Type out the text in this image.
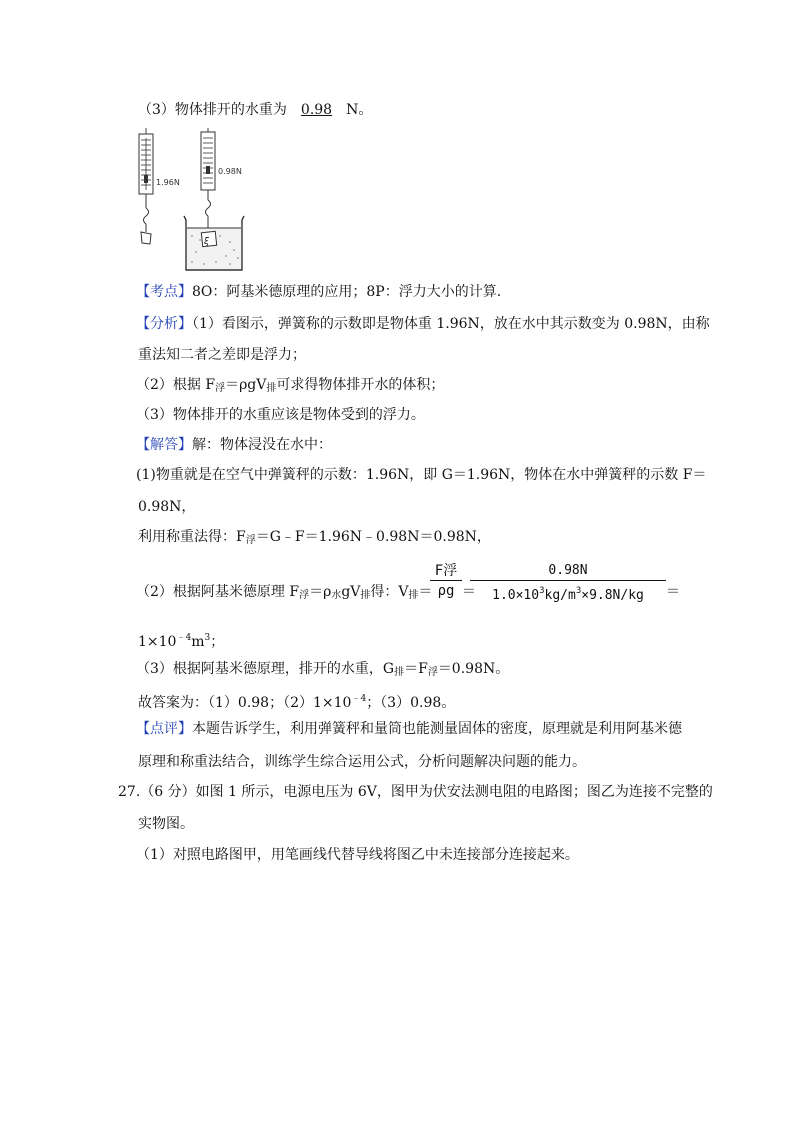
（3）物体排开的水重为 0.98 N。
1.96N
0.98N
ξ
【考点】8O：阿基米德原理的应用；8P：浮力大小的计算.
【分析】（1）看图示，弹簧称的示数即是物体重 1.96N，放在水中其示数变为 0.98N，由称
重法知二者之差即是浮力；
（2）根据 $F_浮=\rho gV_排$可求得物体排开水的体积；
（3）物体排开的水重应该是物体受到的浮力。
【解答】解：物体浸没在水中：
(1)物重就是在空气中弹簧秤的示数：1.96N，即 G＝1.96N，物体在水中弹簧秤的示数 F＝
0.98N，
利用称重法得：$F_浮=G﹣F=1.96N﹣0.98N=0.98N$，
（2）根据阿基米德原理 $F_浮=\rho_水gV_排$得：$V_排=$
F浮
ρg ＝
$\frac{0.98N}{1.0\times 10^3kg/m^3\times 9.8N/kg}$ ＝
$1\times 10^{﹣4}m^3$；
（3）根据阿基米德原理，排开的水重，$G_排=F_浮=0.98N$。
故答案为：（1）0.98；$(2)1\times 10^{﹣4}$；（3）0.98。
【点评】本题告诉学生，利用弹簧秤和量筒也能测量固体的密度，原理就是利用阿基米德
原理和称重法结合，训练学生综合运用公式，分析问题解决问题的能力。
27.（6 分）如图 1 所示，电源电压为 6V，图甲为伏安法测电阻的电路图；图乙为连接不完整的
实物图。
（1）对照电路图甲，用笔画线代替导线将图乙中未连接部分连接起来。
